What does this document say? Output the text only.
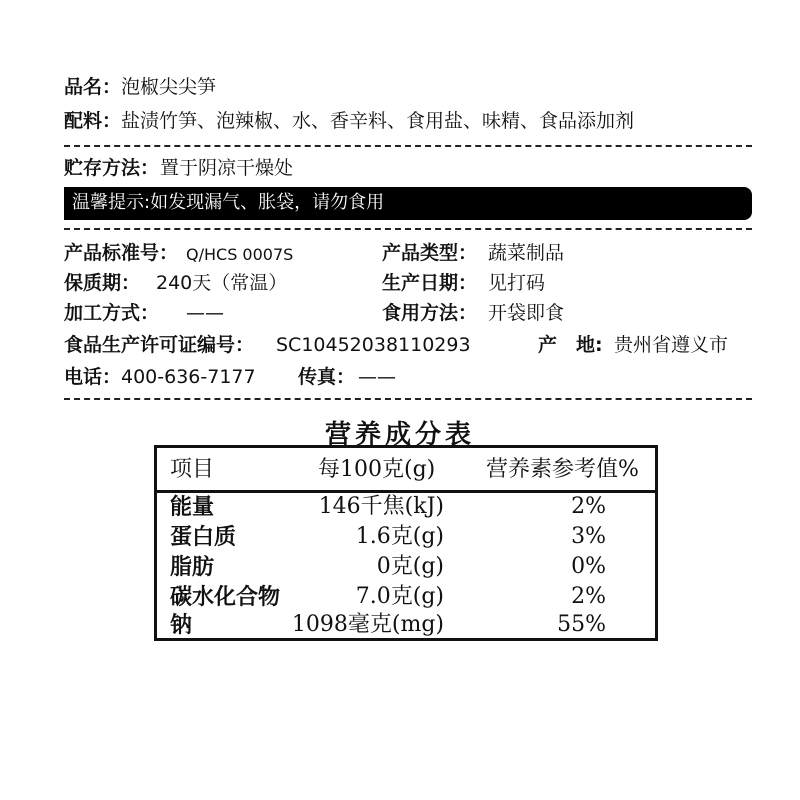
品名： 泡椒尖尖笋
配料： 盐渍竹笋、泡辣椒、水、香辛料、食用盐、味精、食品添加剂
贮存方法： 置于阴凉干燥处
温馨提示:如发现漏气、胀袋，请勿食用
产品标准号： Q/HCS 0007S	产品类型： 蔬菜制品
保质期： 240天（常温）	生产日期： 见打码
加工方式： ——	食用方法： 开袋即食
食品生产许可证编号： SC10452038110293	产　地: 贵州省遵义市
电话： 400-636-7177 传真： ——
营养成分表
项目	每100克(g) 营养素参考值%
能量	146千焦(kJ)	2%
蛋白质	1.6克(g)	3%
脂肪	0克(g)	0%
碳水化合物	7.0克(g)	2%
钠	1098毫克(mg)	55%
